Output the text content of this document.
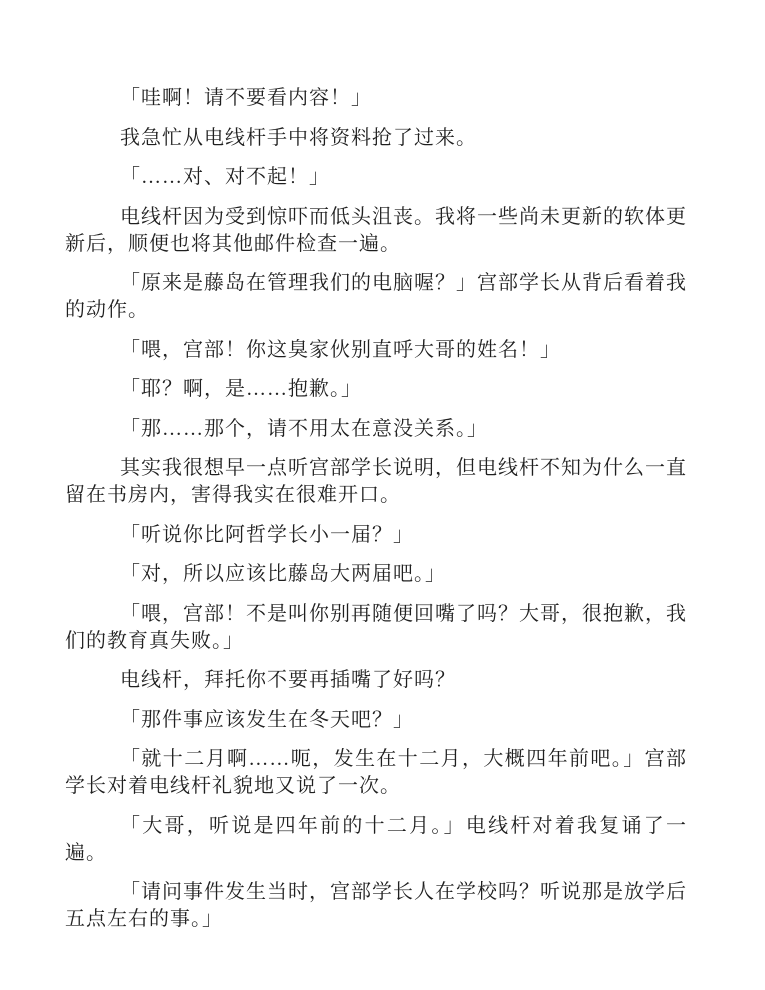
「哇啊！请不要看内容！」

我急忙从电线杆手中将资料抢了过来。

「……对、对不起！」

电线杆因为受到惊吓而低头沮丧。我将一些尚未更新的软体更新后，顺便也将其他邮件检查一遍。

「原来是藤岛在管理我们的电脑喔？」宫部学长从背后看着我的动作。

「喂，宫部！你这臭家伙别直呼大哥的姓名！」

「耶？啊，是……抱歉。」

「那……那个，请不用太在意没关系。」

其实我很想早一点听宫部学长说明，但电线杆不知为什么一直留在书房内，害得我实在很难开口。

「听说你比阿哲学长小一届？」

「对，所以应该比藤岛大两届吧。」

「喂，宫部！不是叫你别再随便回嘴了吗？大哥，很抱歉，我们的教育真失败。」

电线杆，拜托你不要再插嘴了好吗？

「那件事应该发生在冬天吧？」

「就十二月啊……呃，发生在十二月，大概四年前吧。」宫部学长对着电线杆礼貌地又说了一次。

「大哥，听说是四年前的十二月。」电线杆对着我复诵了一遍。

「请问事件发生当时，宫部学长人在学校吗？听说那是放学后五点左右的事。」
